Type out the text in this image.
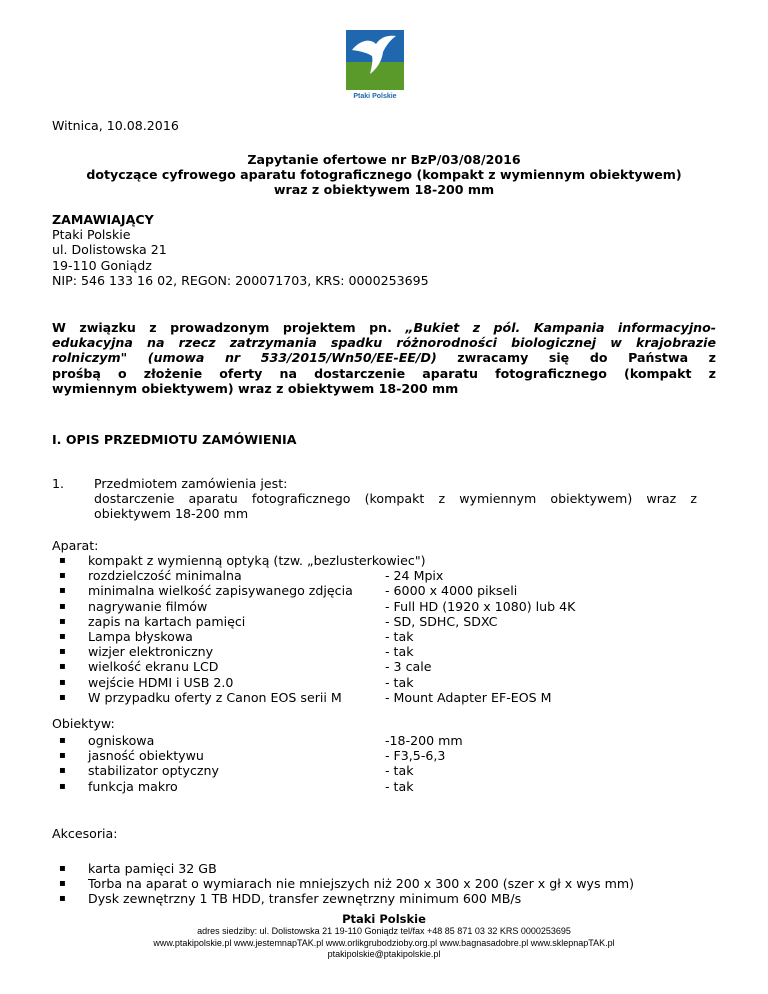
Ptaki Polskie
Witnica, 10.08.2016
Zapytanie ofertowe nr BzP/03/08/2016
dotyczące cyfrowego aparatu fotograficznego (kompakt z wymiennym obiektywem)
wraz z obiektywem 18-200 mm
ZAMAWIAJĄCY
Ptaki Polskie
ul. Dolistowska 21
19-110 Goniądz
NIP: 546 133 16 02, REGON: 200071703, KRS: 0000253695
W związku z prowadzonym projektem pn. „Bukiet z pól. Kampania informacyjno-
edukacyjna na rzecz zatrzymania spadku różnorodności biologicznej w krajobrazie
rolniczym" (umowa nr 533/2015/Wn50/EE-EE/D) zwracamy się do Państwa z
prośbą o złożenie oferty na dostarczenie aparatu fotograficznego (kompakt z
wymiennym obiektywem) wraz z obiektywem 18-200 mm
I. OPIS PRZEDMIOTU ZAMÓWIENIA
1. Przedmiotem zamówienia jest:
dostarczenie aparatu fotograficznego (kompakt z wymiennym obiektywem) wraz z
obiektywem 18-200 mm
Aparat:
▪ kompakt z wymienną optyką (tzw. „bezlusterkowiec")
▪ rozdzielczość minimalna	- 24 Mpix
▪ minimalna wielkość zapisywanego zdjęcia	- 6000 x 4000 pikseli
▪ nagrywanie filmów	- Full HD (1920 x 1080) lub 4K
▪ zapis na kartach pamięci	- SD, SDHC, SDXC
▪ Lampa błyskowa	- tak
▪ wizjer elektroniczny	- tak
▪ wielkość ekranu LCD	- 3 cale
▪ wejście HDMI i USB 2.0	- tak
▪ W przypadku oferty z Canon EOS serii M	- Mount Adapter EF-EOS M
Obiektyw:
▪ ogniskowa	-18-200 mm
▪ jasność obiektywu	- F3,5-6,3
▪ stabilizator optyczny	- tak
▪ funkcja makro	- tak
Akcesoria:
▪ karta pamięci 32 GB
▪ Torba na aparat o wymiarach nie mniejszych niż 200 x 300 x 200 (szer x gł x wys mm)
▪ Dysk zewnętrzny 1 TB HDD, transfer zewnętrzny minimum 600 MB/s
Ptaki Polskie
adres siedziby: ul. Dolistowska 21 19-110 Goniądz tel/fax +48 85 871 03 32 KRS 0000253695
www.ptakipolskie.pl www.jestemnapTAK.pl www.orlikgrubodzioby.org.pl www.bagnasadobre.pl www.sklepnapTAK.pl
ptakipolskie@ptakipolskie.pl
